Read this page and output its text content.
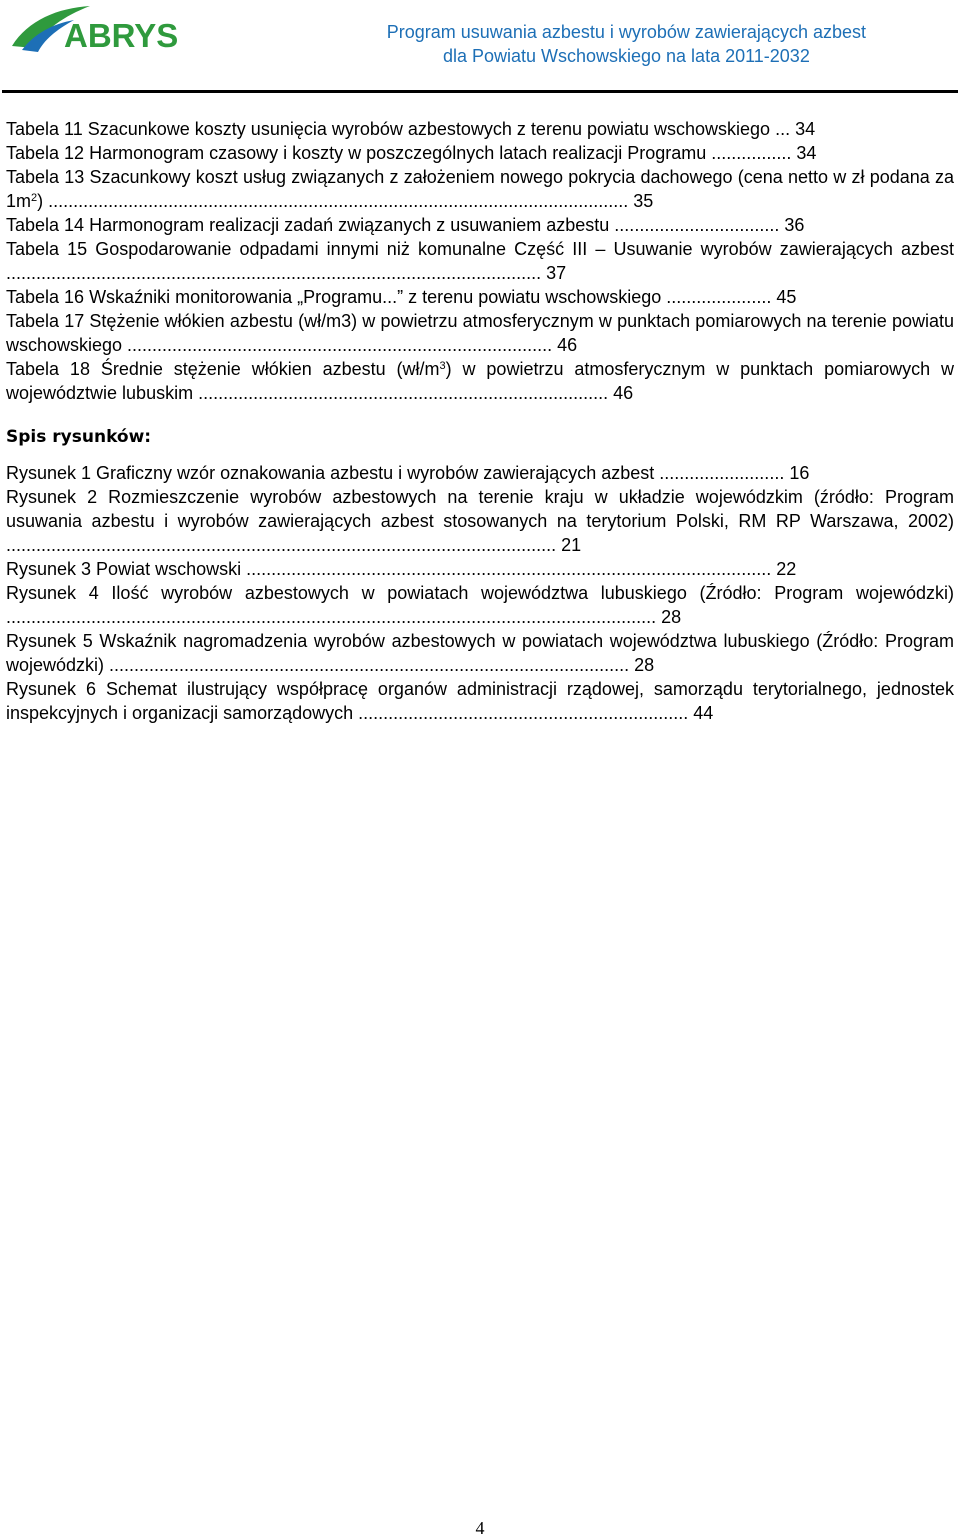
ABRYS	Program usuwania azbestu i wyrobów zawierających azbest
dla Powiatu Wschowskiego na lata 2011-2032
Tabela 11 Szacunkowe koszty usunięcia wyrobów azbestowych z terenu powiatu wschowskiego ... 34
Tabela 12 Harmonogram czasowy i koszty w poszczególnych latach realizacji Programu ................ 34
Tabela 13 Szacunkowy koszt usług związanych z założeniem nowego pokrycia dachowego (cena netto w zł podana za $1m^2$) .................................................................................................................... 35
Tabela 14 Harmonogram realizacji zadań związanych z usuwaniem azbestu ................................. 36
Tabela 15 Gospodarowanie odpadami innymi niż komunalne Część III – Usuwanie wyrobów zawierających azbest ........................................................................................................... 37
Tabela 16 Wskaźniki monitorowania „Programu...” z terenu powiatu wschowskiego ..................... 45
Tabela 17 Stężenie włókien azbestu (wł/m3) w powietrzu atmosferycznym w punktach pomiarowych na terenie powiatu wschowskiego ..................................................................................... 46
Tabela 18 Średnie stężenie włókien azbestu $(wł/m^3)$ w powietrzu atmosferycznym w punktach pomiarowych w województwie lubuskim .................................................................................. 46
Spis rysunków:
Rysunek 1 Graficzny wzór oznakowania azbestu i wyrobów zawierających azbest ......................... 16
Rysunek 2 Rozmieszczenie wyrobów azbestowych na terenie kraju w układzie wojewódzkim (źródło: Program usuwania azbestu i wyrobów zawierających azbest stosowanych na terytorium Polski, RM RP Warszawa, 2002) .............................................................................................................. 21
Rysunek 3 Powiat wschowski ......................................................................................................... 22
Rysunek 4 Ilość wyrobów azbestowych w powiatach województwa lubuskiego (Źródło: Program wojewódzki) .................................................................................................................................. 28
Rysunek 5 Wskaźnik nagromadzenia wyrobów azbestowych w powiatach województwa lubuskiego (Źródło: Program wojewódzki) ........................................................................................................ 28
Rysunek 6 Schemat ilustrujący współpracę organów administracji rządowej, samorządu terytorialnego, jednostek inspekcyjnych i organizacji samorządowych .................................................................. 44
4
